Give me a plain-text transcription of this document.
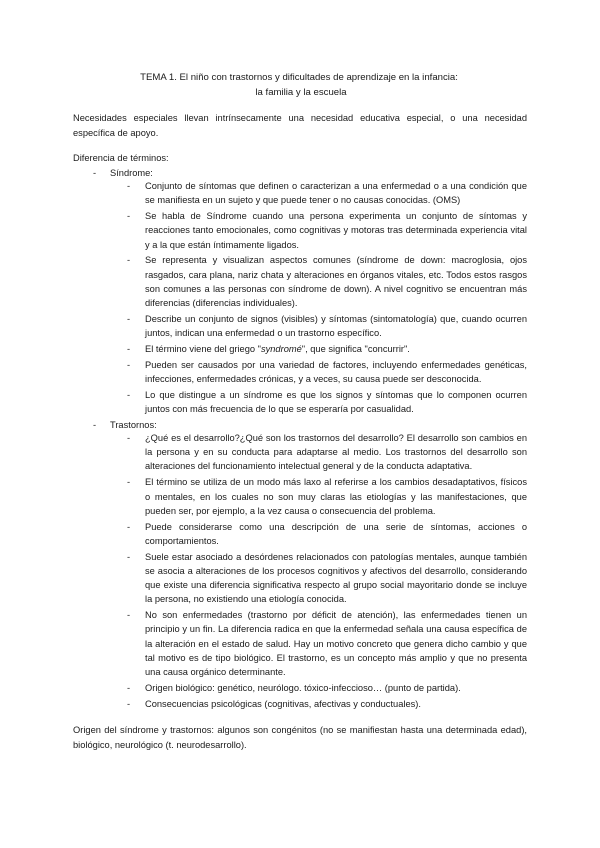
TEMA 1. El niño con trastornos y dificultades de aprendizaje en la infancia:

la familia y la escuela
Necesidades especiales llevan intrínsecamente una necesidad educativa especial, o una necesidad específica de apoyo.
Diferencia de términos:
- Síndrome:
- Conjunto de síntomas que definen o caracterizan a una enfermedad o a una condición que se manifiesta en un sujeto y que puede tener o no causas conocidas. (OMS)
- Se habla de Síndrome cuando una persona experimenta un conjunto de síntomas y reacciones tanto emocionales, como cognitivas y motoras tras determinada experiencia vital y a la que están íntimamente ligados.
- Se representa y visualizan aspectos comunes (síndrome de down: macroglosia, ojos rasgados, cara plana, nariz chata y alteraciones en órganos vitales, etc. Todos estos rasgos son comunes a las personas con síndrome de down). A nivel cognitivo se encuentran más diferencias (diferencias individuales).
- Describe un conjunto de signos (visibles) y síntomas (sintomatología) que, cuando ocurren juntos, indican una enfermedad o un trastorno específico.
- El término viene del griego "syndromé", que significa "concurrir".
- Pueden ser causados por una variedad de factores, incluyendo enfermedades genéticas, infecciones, enfermedades crónicas, y a veces, su causa puede ser desconocida.
- Lo que distingue a un síndrome es que los signos y síntomas que lo componen ocurren juntos con más frecuencia de lo que se esperaría por casualidad.
- Trastornos:
- ¿Qué es el desarrollo?¿Qué son los trastornos del desarrollo? El desarrollo son cambios en la persona y en su conducta para adaptarse al medio. Los trastornos del desarrollo son alteraciones del funcionamiento intelectual general y de la conducta adaptativa.
- El término se utiliza de un modo más laxo al referirse a los cambios desadaptativos, físicos o mentales, en los cuales no son muy claras las etiologías y las manifestaciones, que pueden ser, por ejemplo, a la vez causa o consecuencia del problema.
- Puede considerarse como una descripción de una serie de síntomas, acciones o comportamientos.
- Suele estar asociado a desórdenes relacionados con patologías mentales, aunque también se asocia a alteraciones de los procesos cognitivos y afectivos del desarrollo, considerando que existe una diferencia significativa respecto al grupo social mayoritario donde se incluye la persona, no existiendo una etiología conocida.
- No son enfermedades (trastorno por déficit de atención), las enfermedades tienen un principio y un fin. La diferencia radica en que la enfermedad señala una causa específica de la alteración en el estado de salud. Hay un motivo concreto que genera dicho cambio y que tal motivo es de tipo biológico. El trastorno, es un concepto más amplio y que no presenta una causa orgánico determinante.
- Origen biológico: genético, neurólogo. tóxico-infeccioso… (punto de partida).
- Consecuencias psicológicas (cognitivas, afectivas y conductuales).
Origen del síndrome y trastornos: algunos son congénitos (no se manifiestan hasta una determinada edad), biológico, neurológico (t. neurodesarrollo).
